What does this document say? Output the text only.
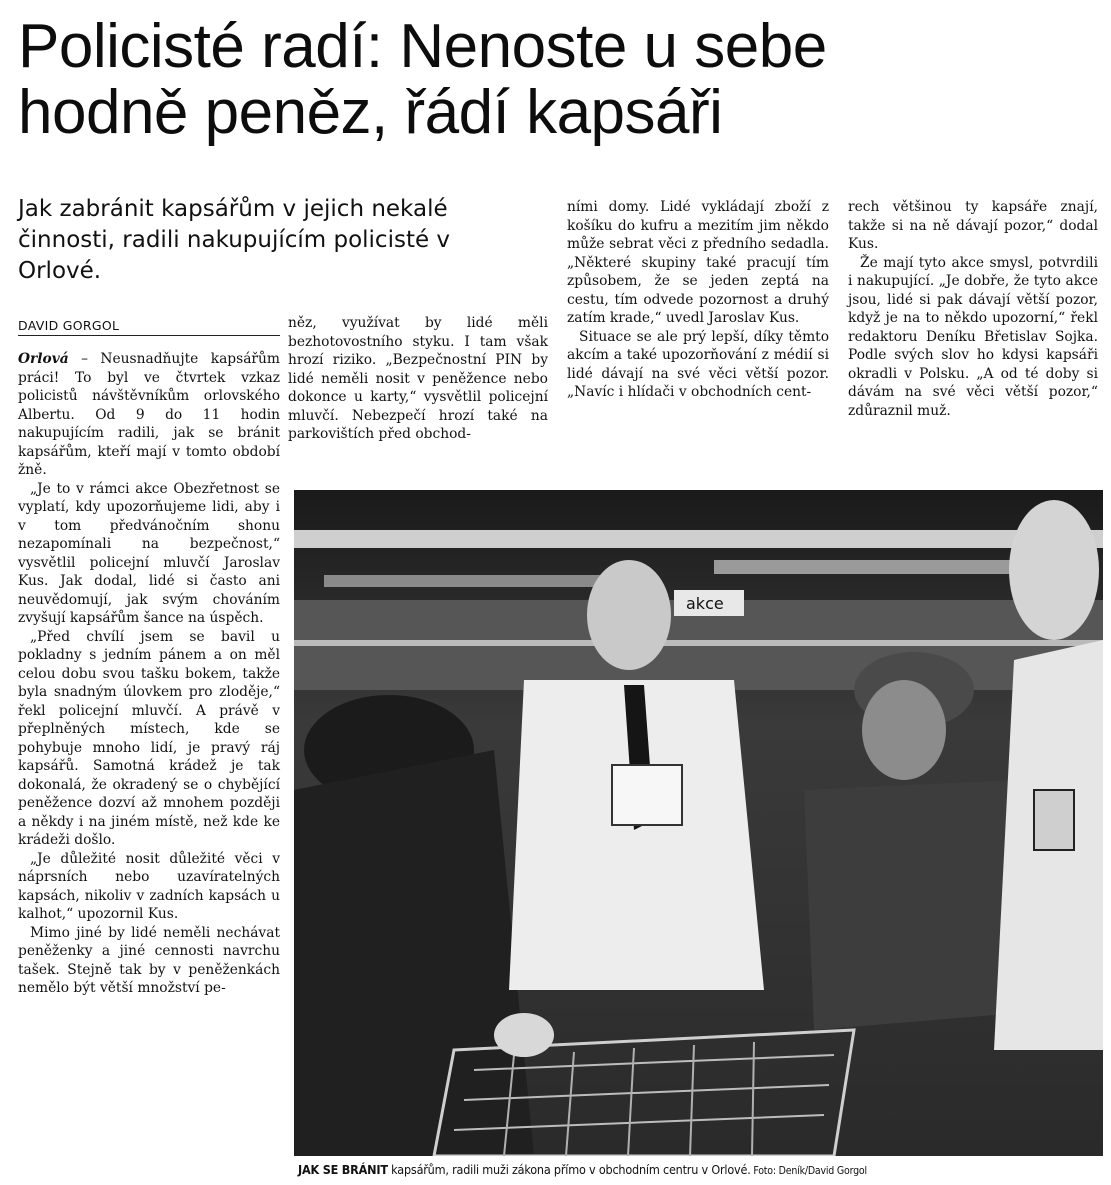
Policisté radí: Nenoste u sebe
hodně peněz, řádí kapsáři

Jak zabránit kapsářům v jejich nekalé činnosti, radili nakupujícím policisté v Orlové.

DAVID GORGOL

Orlová – Neusnadňujte kapsářům práci! To byl ve čtvrtek vzkaz policistů návštěvníkům orlovského Albertu. Od 9 do 11 hodin nakupujícím radili, jak se bránit kapsářům, kteří mají v tomto období žně.

„Je to v rámci akce Obezřetnost se vyplatí, kdy upozorňujeme lidi, aby i v tom předvánočním shonu nezapomínali na bezpečnost,“ vysvětlil policejní mluvčí Jaroslav Kus. Jak dodal, lidé si často ani neuvědomují, jak svým chováním zvyšují kapsářům šance na úspěch.

„Před chvílí jsem se bavil u pokladny s jedním pánem a on měl celou dobu svou tašku bokem, takže byla snadným úlovkem pro zloděje,“ řekl policejní mluvčí. A právě v přeplněných místech, kde se pohybuje mnoho lidí, je pravý ráj kapsářů. Samotná krádež je tak dokonalá, že okradený se o chybějící peněžence dozví až mnohem později a někdy i na jiném místě, než kde ke krádeži došlo.

„Je důležité nosit důležité věci v náprsních nebo uzavíratelných kapsách, nikoliv v zadních kapsách u kalhot,“ upozornil Kus.

Mimo jiné by lidé neměli nechávat peněženky a jiné cennosti navrchu tašek. Stejně tak by v peněženkách nemělo být větší množství pe-

něz, využívat by lidé měli bezhotovostního styku. I tam však hrozí riziko. „Bezpečnostní PIN by lidé neměli nosit v peněžence nebo dokonce u karty,“ vysvětlil policejní mluvčí. Nebezpečí hrozí také na parkovištích před obchod-

ními domy. Lidé vykládají zboží z košíku do kufru a mezitím jim někdo může sebrat věci z předního sedadla. „Některé skupiny také pracují tím způsobem, že se jeden zeptá na cestu, tím odvede pozornost a druhý zatím krade,“ uvedl Jaroslav Kus.

Situace se ale prý lepší, díky těmto akcím a také upozorňování z médií si lidé dávají na své věci větší pozor. „Navíc i hlídači v obchodních cent-

rech většinou ty kapsáře znají, takže si na ně dávají pozor,“ dodal Kus.

Že mají tyto akce smysl, potvrdili i nakupující. „Je dobře, že tyto akce jsou, lidé si pak dávají větší pozor, když je na to někdo upozorní,“ řekl redaktoru Deníku Břetislav Sojka. Podle svých slov ho kdysi kapsáři okradli v Polsku. „A od té doby si dávám na své věci větší pozor,“ zdůraznil muž.

akce
JAK SE BRÁNIT kapsářům, radili muži zákona přímo v obchodním centru v Orlové. Foto: Deník/David Gorgol
